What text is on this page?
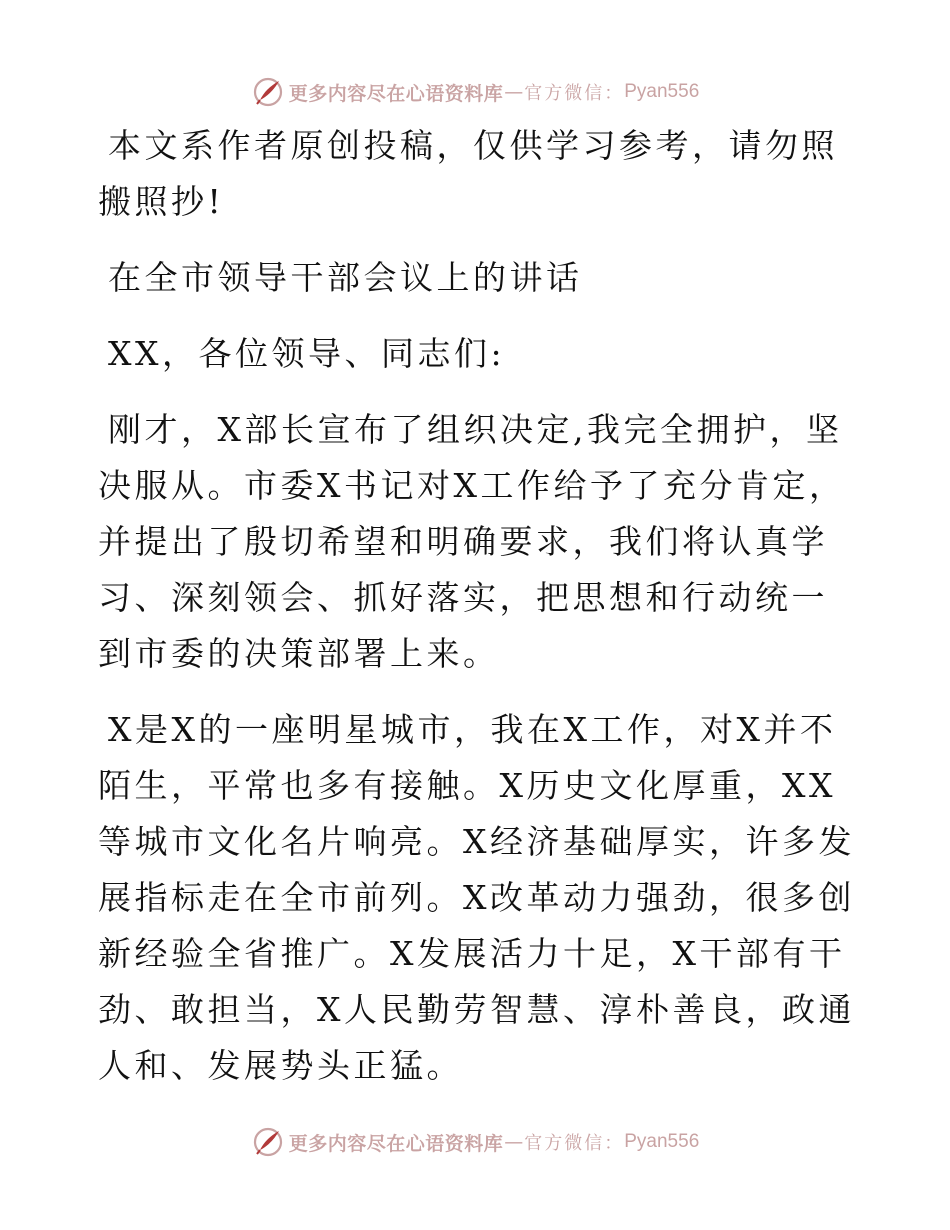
更多内容尽在心语资料库 — 官方微信： Pyan556

本文系作者原创投稿，仅供学习参考，请勿照搬照抄!

在全市领导干部会议上的讲话

XX，各位领导、同志们:

刚才，X部长宣布了组织决定,我完全拥护，坚决服从。市委X书记对X工作给予了充分肯定，并提出了殷切希望和明确要求，我们将认真学习、深刻领会、抓好落实，把思想和行动统一到市委的决策部署上来。

X是X的一座明星城市，我在X工作，对X并不陌生，平常也多有接触。X历史文化厚重，XX等城市文化名片响亮。X经济基础厚实，许多发展指标走在全市前列。X改革动力强劲，很多创新经验全省推广。X发展活力十足，X干部有干劲、敢担当，X人民勤劳智慧、淳朴善良，政通人和、发展势头正猛。

更多内容尽在心语资料库 — 官方微信： Pyan556
